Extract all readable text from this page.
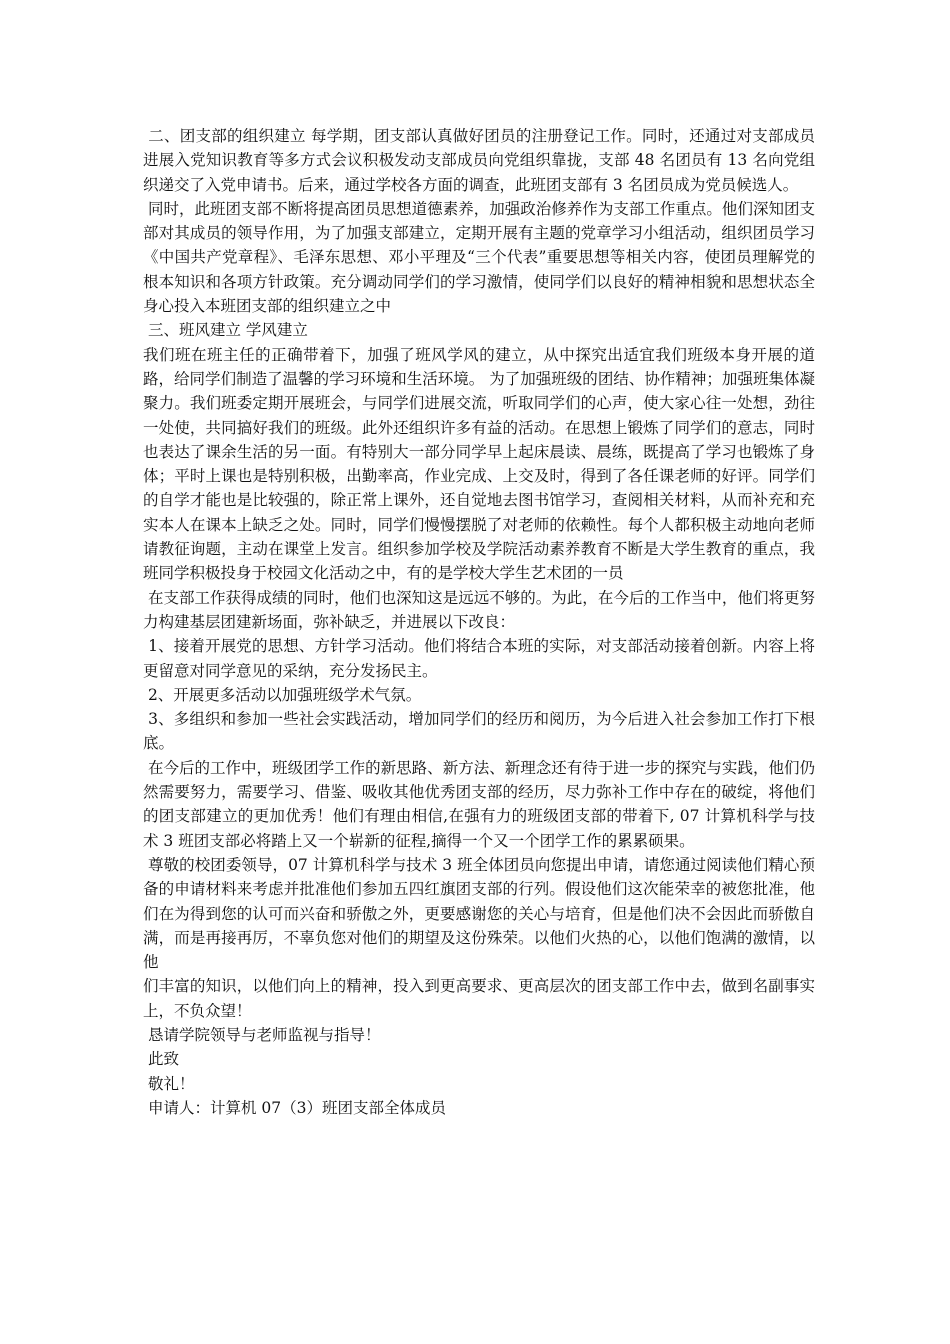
二、团支部的组织建立 每学期，团支部认真做好团员的注册登记工作。同时，还通过对支部成员进展入党知识教育等多方式会议积极发动支部成员向党组织靠拢，支部 48 名团员有 13 名向党组织递交了入党申请书。后来，通过学校各方面的调查，此班团支部有 3 名团员成为党员候选人。

同时，此班团支部不断将提高团员思想道德素养，加强政治修养作为支部工作重点。他们深知团支部对其成员的领导作用，为了加强支部建立，定期开展有主题的党章学习小组活动，组织团员学习《中国共产党章程》、毛泽东思想、邓小平理及“三个代表”重要思想等相关内容，使团员理解党的根本知识和各项方针政策。充分调动同学们的学习激情，使同学们以良好的精神相貌和思想状态全身心投入本班团支部的组织建立之中

三、班风建立 学风建立

我们班在班主任的正确带着下，加强了班风学风的建立，从中探究出适宜我们班级本身开展的道路，给同学们制造了温馨的学习环境和生活环境。 为了加强班级的团结、协作精神；加强班集体凝聚力。我们班委定期开展班会，与同学们进展交流，听取同学们的心声，使大家心往一处想，劲往一处使，共同搞好我们的班级。此外还组织许多有益的活动。在思想上锻炼了同学们的意志，同时也表达了课余生活的另一面。有特别大一部分同学早上起床晨读、晨练，既提高了学习也锻炼了身体；平时上课也是特别积极，出勤率高，作业完成、上交及时，得到了各任课老师的好评。同学们的自学才能也是比较强的，除正常上课外，还自觉地去图书馆学习，查阅相关材料，从而补充和充实本人在课本上缺乏之处。同时，同学们慢慢摆脱了对老师的依赖性。每个人都积极主动地向老师请教征询题，主动在课堂上发言。组织参加学校及学院活动素养教育不断是大学生教育的重点，我班同学积极投身于校园文化活动之中，有的是学校大学生艺术团的一员

在支部工作获得成绩的同时，他们也深知这是远远不够的。为此，在今后的工作当中，他们将更努力构建基层团建新场面，弥补缺乏，并进展以下改良：

1、接着开展党的思想、方针学习活动。他们将结合本班的实际，对支部活动接着创新。内容上将更留意对同学意见的采纳，充分发扬民主。

2、开展更多活动以加强班级学术气氛。

3、多组织和参加一些社会实践活动，增加同学们的经历和阅历，为今后进入社会参加工作打下根底。

在今后的工作中，班级团学工作的新思路、新方法、新理念还有待于进一步的探究与实践，他们仍然需要努力，需要学习、借鉴、吸收其他优秀团支部的经历，尽力弥补工作中存在的破绽，将他们的团支部建立的更加优秀！他们有理由相信,在强有力的班级团支部的带着下, 07 计算机科学与技术 3 班团支部必将踏上又一个崭新的征程,摘得一个又一个团学工作的累累硕果。

尊敬的校团委领导，07 计算机科学与技术 3 班全体团员向您提出申请，请您通过阅读他们精心预备的申请材料来考虑并批准他们参加五四红旗团支部的行列。假设他们这次能荣幸的被您批准，他们在为得到您的认可而兴奋和骄傲之外，更要感谢您的关心与培育，但是他们决不会因此而骄傲自满，而是再接再厉，不辜负您对他们的期望及这份殊荣。以他们火热的心，以他们饱满的激情，以他

们丰富的知识，以他们向上的精神，投入到更高要求、更高层次的团支部工作中去，做到名副事实上，不负众望！

恳请学院领导与老师监视与指导！

此致

敬礼！

申请人：计算机 07（3）班团支部全体成员
